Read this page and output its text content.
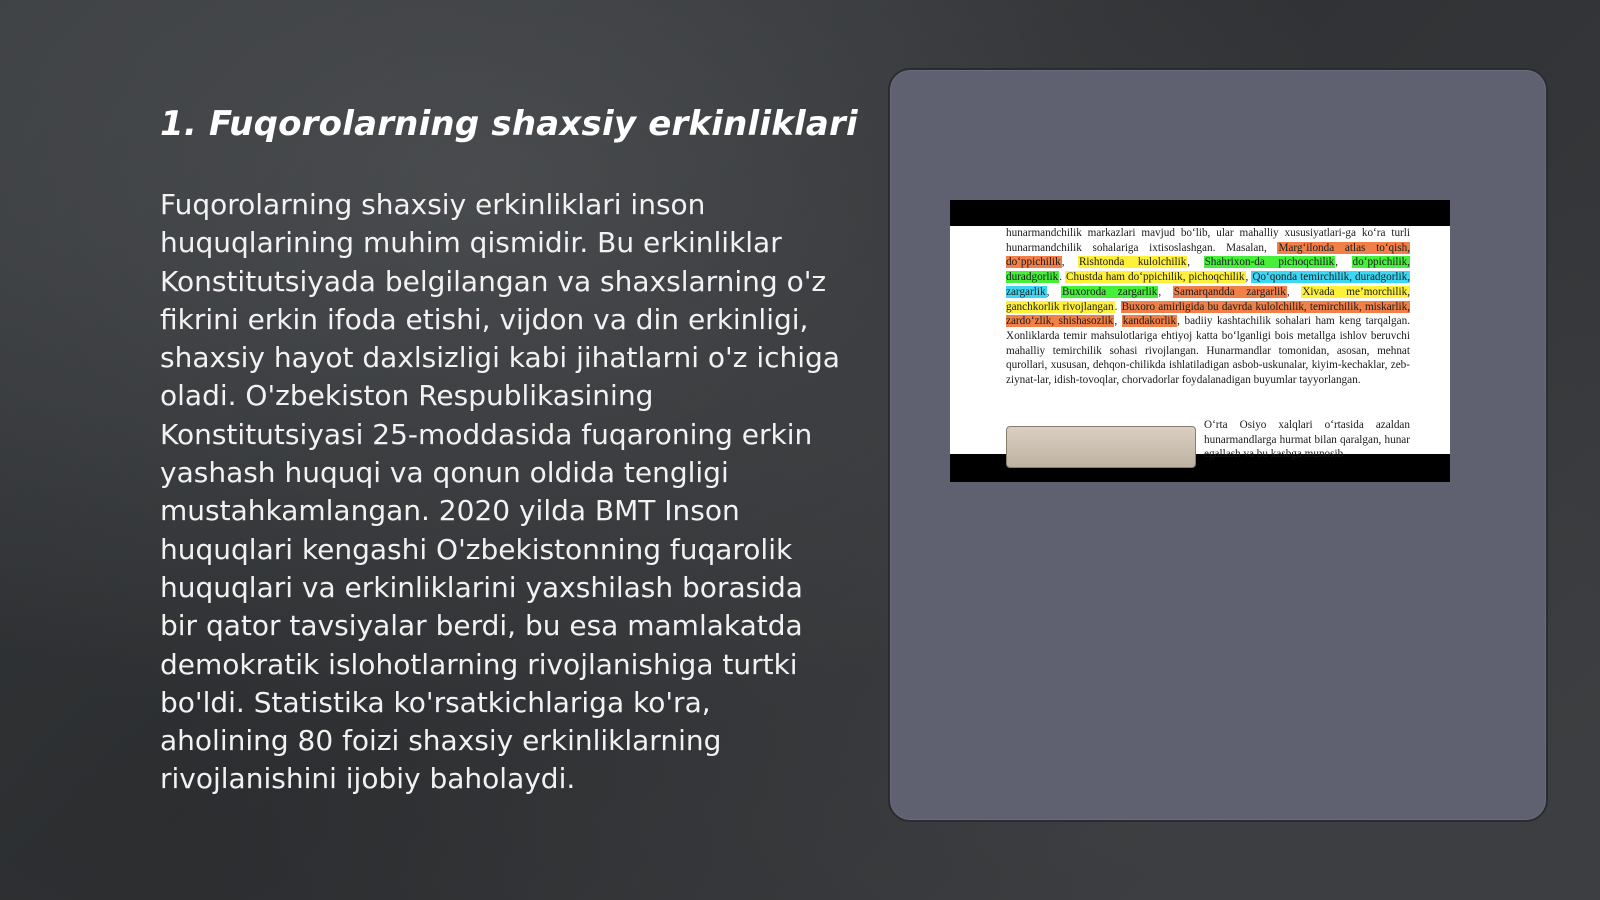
1. Fuqorolarning shaxsiy erkinliklari

Fuqorolarning shaxsiy erkinliklari inson huquqlarining muhim qismidir. Bu erkinliklar Konstitutsiyada belgilangan va shaxslarning o'z fikrini erkin ifoda etishi, vijdon va din erkinligi, shaxsiy hayot daxlsizligi kabi jihatlarni o'z ichiga oladi. O'zbekiston Respublikasining Konstitutsiyasi 25-moddasida fuqaroning erkin yashash huquqi va qonun oldida tengligi mustahkamlangan. 2020 yilda BMT Inson huquqlari kengashi O'zbekistonning fuqarolik huquqlari va erkinliklarini yaxshilash borasida bir qator tavsiyalar berdi, bu esa mamlakatda demokratik islohotlarning rivojlanishiga turtki bo'ldi. Statistika ko'rsatkichlariga ko'ra, aholining 80 foizi shaxsiy erkinliklarning rivojlanishini ijobiy baholaydi.

hunarmandchilik markazlari mavjud bo‘lib, ular mahalliy xususiyatlari-ga ko‘ra turli hunarmandchilik sohalariga ixtisoslashgan. Masalan, Marg‘ilonda atlas to‘qish, do‘ppichilik, Rishtonda kulolchilik, Shahrixon-da pichoqchilik, do‘ppichilik, duradgorlik. Chustda ham do‘ppichilik, pichoqchilik, Qo‘qonda temirchilik, duradgorlik, zargarlik, Buxoroda zargarlik, Samarqandda zargarlik, Xivada me’morchilik, ganchkorlik rivojlangan. Buxoro amirligida bu davrda kulolchilik, temirchilik, miskarlik, zardo‘zlik, shishasozlik, kandakorlik, badiiy kashtachilik sohalari ham keng tarqalgan. Xonliklarda temir mahsulotlariga ehtiyoj katta bo‘lganligi bois metallga ishlov beruvchi mahalliy temirchilik sohasi rivojlangan. Hunarmandlar tomonidan, asosan, mehnat qurollari, xususan, dehqon-chilikda ishlatiladigan asbob-uskunalar, kiyim-kechaklar, zeb-ziynat-lar, idish-tovoqlar, chorvadorlar foydalanadigan buyumlar tayyorlangan.

O‘rta Osiyo xalqlari o‘rtasida azaldan hunarmandlarga hurmat bilan qaralgan, hunar egallash va bu kasbga munosib
